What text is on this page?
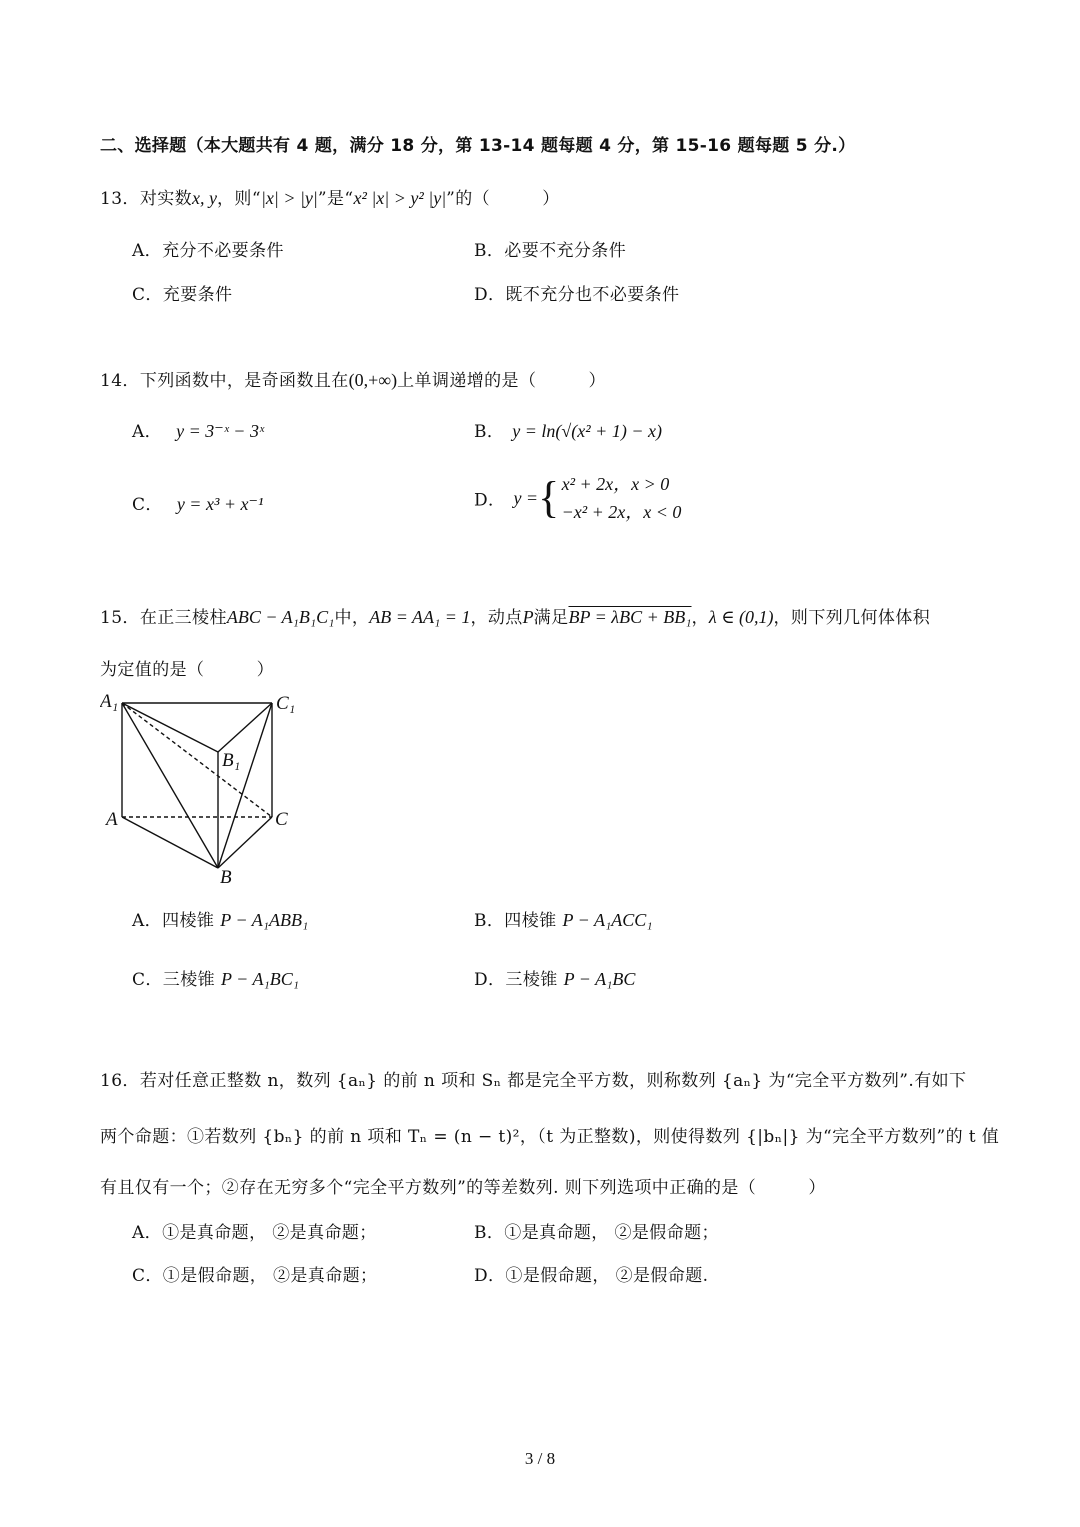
二、选择题（本大题共有 4 题，满分 18 分，第 13-14 题每题 4 分，第 15-16 题每题 5 分.）
13．对实数x, y，则“|x| > |y|”是“x² |x| > y² |y|”的（　　　）
A．充分不必要条件	B．必要不充分条件
C．充要条件	D．既不充分也不必要条件
14．下列函数中，是奇函数且在(0,+∞)上单调递增的是（　　　）
A． y = 3⁻ˣ − 3ˣ	B． y = ln(√(x² + 1) − x)
C． y = x³ + x⁻¹	D． y ={ x² + 2x，x > 0
−x² + 2x，x < 0
15．在正三棱柱ABC − A₁B₁C₁中，AB = AA₁ = 1，动点P满足BP = λBC + BB₁，λ ∈ (0,1)，则下列几何体体积
为定值的是（　　　）
A₁	C₁
B₁
A	C
B
A．四棱锥 P − A₁ABB₁	B．四棱锥 P − A₁ACC₁
C．三棱锥 P − A₁BC₁	D．三棱锥 P − A₁BC
16．若对任意正整数 n，数列 {aₙ} 的前 n 项和 Sₙ 都是完全平方数，则称数列 {aₙ} 为“完全平方数列”.有如下
两个命题：①若数列 {bₙ} 的前 n 项和 Tₙ = (n − t)²，（t 为正整数)，则使得数列 {|bₙ|} 为“完全平方数列”的 t 值
有且仅有一个；②存在无穷多个“完全平方数列”的等差数列. 则下列选项中正确的是（　　　）
A．①是真命题， ②是真命题；	B．①是真命题， ②是假命题；
C．①是假命题， ②是真命题；	D．①是假命题， ②是假命题.
3 / 8
